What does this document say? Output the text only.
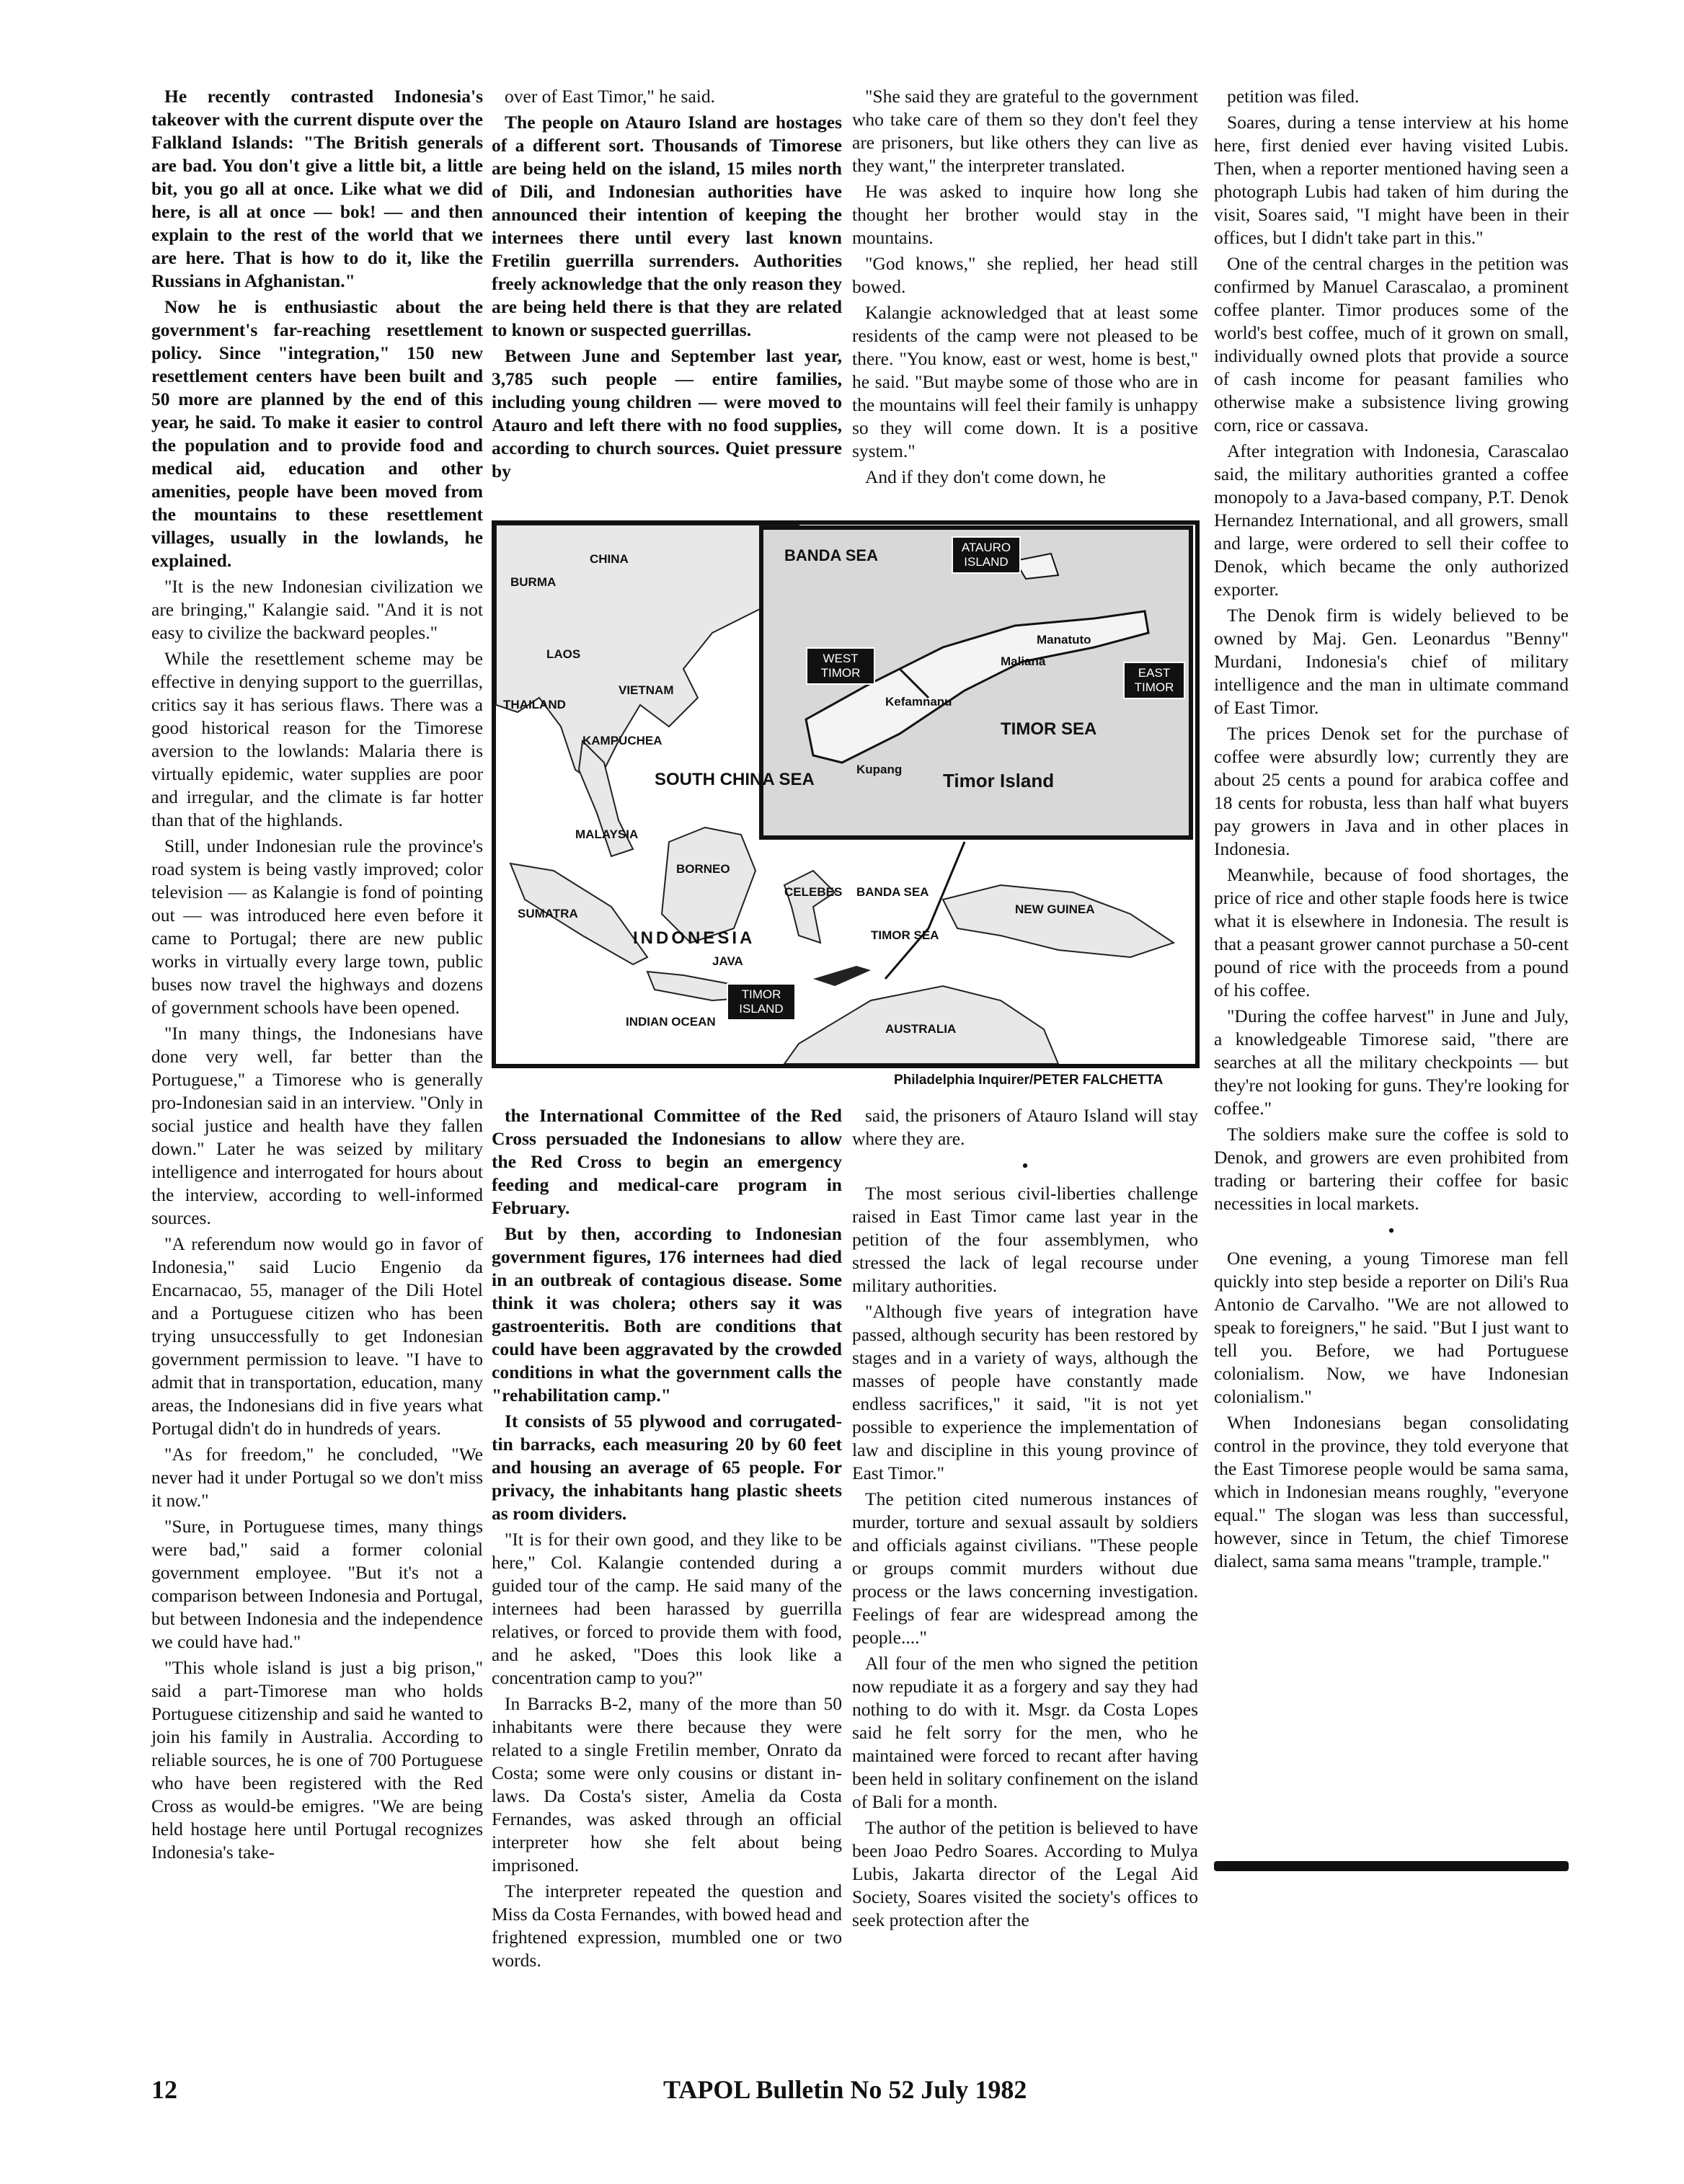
He recently contrasted Indonesia's takeover with the current dispute over the Falkland Islands: "The British generals are bad. You don't give a little bit, a little bit, you go all at once. Like what we did here, is all at once — bok! — and then explain to the rest of the world that we are here. That is how to do it, like the Russians in Afghanistan."

Now he is enthusiastic about the government's far-reaching resettlement policy. Since "integration," 150 new resettlement centers have been built and 50 more are planned by the end of this year, he said. To make it easier to control the population and to provide food and medical aid, education and other amenities, people have been moved from the mountains to these resettlement villages, usually in the lowlands, he explained.

"It is the new Indonesian civilization we are bringing," Kalangie said. "And it is not easy to civilize the backward peoples."

While the resettlement scheme may be effective in denying support to the guerrillas, critics say it has serious flaws. There was a good historical reason for the Timorese aversion to the lowlands: Malaria there is virtually epidemic, water supplies are poor and irregular, and the climate is far hotter than that of the highlands.

Still, under Indonesian rule the province's road system is being vastly improved; color television — as Kalangie is fond of pointing out — was introduced here even before it came to Portugal; there are new public works in virtually every large town, public buses now travel the highways and dozens of government schools have been opened.

"In many things, the Indonesians have done very well, far better than the Portuguese," a Timorese who is generally pro-Indonesian said in an interview. "Only in social justice and health have they fallen down." Later he was seized by military intelligence and interrogated for hours about the interview, according to well-informed sources.

"A referendum now would go in favor of Indonesia," said Lucio Engenio da Encarnacao, 55, manager of the Dili Hotel and a Portuguese citizen who has been trying unsuccessfully to get Indonesian government permission to leave. "I have to admit that in transportation, education, many areas, the Indonesians did in five years what Portugal didn't do in hundreds of years.

"As for freedom," he concluded, "We never had it under Portugal so we don't miss it now."

"Sure, in Portuguese times, many things were bad," said a former colonial government employee. "But it's not a comparison between Indonesia and Portugal, but between Indonesia and the independence we could have had."

"This whole island is just a big prison," said a part-Timorese man who holds Portuguese citizenship and said he wanted to join his family in Australia. According to reliable sources, he is one of 700 Portuguese who have been registered with the Red Cross as would-be emigres. "We are being held hostage here until Portugal recognizes Indonesia's take-

over of East Timor," he said.

The people on Atauro Island are hostages of a different sort. Thousands of Timorese are being held on the island, 15 miles north of Dili, and Indonesian authorities have announced their intention of keeping the internees there until every last known Fretilin guerrilla surrenders. Authorities freely acknowledge that the only reason they are being held there is that they are related to known or suspected guerrillas.

Between June and September last year, 3,785 such people — entire families, including young children — were moved to Atauro and left there with no food supplies, according to church sources. Quiet pressure by

"She said they are grateful to the government who take care of them so they don't feel they are prisoners, but like others they can live as they want," the interpreter translated.

He was asked to inquire how long she thought her brother would stay in the mountains.

"God knows," she replied, her head still bowed.

Kalangie acknowledged that at least some residents of the camp were not pleased to be there. "You know, east or west, home is best," he said. "But maybe some of those who are in the mountains will feel their family is unhappy so they will come down. It is a positive system."

And if they don't come down, he

petition was filed.

Soares, during a tense interview at his home here, first denied ever having visited Lubis. Then, when a reporter mentioned having seen a photograph Lubis had taken of him during the visit, Soares said, "I might have been in their offices, but I didn't take part in this."

One of the central charges in the petition was confirmed by Manuel Carascalao, a prominent coffee planter. Timor produces some of the world's best coffee, much of it grown on small, individually owned plots that provide a source of cash income for peasant families who otherwise make a subsistence living growing corn, rice or cassava.

After integration with Indonesia, Carascalao said, the military authorities granted a coffee monopoly to a Java-based company, P.T. Denok Hernandez International, and all growers, small and large, were ordered to sell their coffee to Denok, which became the only authorized exporter.

The Denok firm is widely believed to be owned by Maj. Gen. Leonardus "Benny" Murdani, Indonesia's chief of military intelligence and the man in ultimate command of East Timor.

The prices Denok set for the purchase of coffee were absurdly low; currently they are about 25 cents a pound for arabica coffee and 18 cents for robusta, less than half what buyers pay growers in Java and in other places in Indonesia.

Meanwhile, because of food shortages, the price of rice and other staple foods here is twice what it is elsewhere in Indonesia. The result is that a peasant grower cannot purchase a 50-cent pound of rice with the proceeds from a pound of his coffee.

"During the coffee harvest" in June and July, a knowledgeable Timorese said, "there are searches at all the military checkpoints — but they're not looking for guns. They're looking for coffee."

The soldiers make sure the coffee is sold to Denok, and growers are even prohibited from trading or bartering their coffee for basic necessities in local markets.

•

One evening, a young Timorese man fell quickly into step beside a reporter on Dili's Rua Antonio de Carvalho. "We are not allowed to speak to foreigners," he said. "But I just want to tell you. Before, we had Portuguese colonialism. Now, we have Indonesian colonialism."

When Indonesians began consolidating control in the province, they told everyone that the East Timorese people would be sama sama, which in Indonesian means roughly, "everyone equal." The slogan was less than successful, however, since in Tetum, the chief Timorese dialect, sama sama means "trample, trample."

CHINA
BURMA
LAOS
THAILAND
VIETNAM
KAMPUCHEA
SOUTH CHINA SEA
MALAYSIA
BORNEO
CELEBES BANDA SEA
NEW GUINEA
SUMATRA
INDONESIA
JAVA
TIMOR SEA
INDIAN OCEAN
AUSTRALIA
TIMOR ISLAND
BANDA SEA	ATAURO ISLAND
WEST TIMOR	EAST TIMOR
Manatuto
Maliana
Kefamnanu
Kupang
TIMOR SEA
Timor Island
Philadelphia Inquirer/PETER FALCHETTA

the International Committee of the Red Cross persuaded the Indonesians to allow the Red Cross to begin an emergency feeding and medical-care program in February.

But by then, according to Indonesian government figures, 176 internees had died in an outbreak of contagious disease. Some think it was cholera; others say it was gastroenteritis. Both are conditions that could have been aggravated by the crowded conditions in what the government calls the "rehabilitation camp."

It consists of 55 plywood and corrugated-tin barracks, each measuring 20 by 60 feet and housing an average of 65 people. For privacy, the inhabitants hang plastic sheets as room dividers.

"It is for their own good, and they like to be here," Col. Kalangie contended during a guided tour of the camp. He said many of the internees had been harassed by guerrilla relatives, or forced to provide them with food, and he asked, "Does this look like a concentration camp to you?"

In Barracks B-2, many of the more than 50 inhabitants were there because they were related to a single Fretilin member, Onrato da Costa; some were only cousins or distant in-laws. Da Costa's sister, Amelia da Costa Fernandes, was asked through an official interpreter how she felt about being imprisoned.

The interpreter repeated the question and Miss da Costa Fernandes, with bowed head and frightened expression, mumbled one or two words.

said, the prisoners of Atauro Island will stay where they are.

•

The most serious civil-liberties challenge raised in East Timor came last year in the petition of the four assemblymen, who stressed the lack of legal recourse under military authorities.

"Although five years of integration have passed, although security has been restored by stages and in a variety of ways, although the masses of people have constantly made endless sacrifices," it said, "it is not yet possible to experience the implementation of law and discipline in this young province of East Timor."

The petition cited numerous instances of murder, torture and sexual assault by soldiers and officials against civilians. "These people or groups commit murders without due process or the laws concerning investigation. Feelings of fear are widespread among the people...."

All four of the men who signed the petition now repudiate it as a forgery and say they had nothing to do with it. Msgr. da Costa Lopes said he felt sorry for the men, who he maintained were forced to recant after having been held in solitary confinement on the island of Bali for a month.

The author of the petition is believed to have been Joao Pedro Soares. According to Mulya Lubis, Jakarta director of the Legal Aid Society, Soares visited the society's offices to seek protection after the

12	TAPOL Bulletin No 52 July 1982
